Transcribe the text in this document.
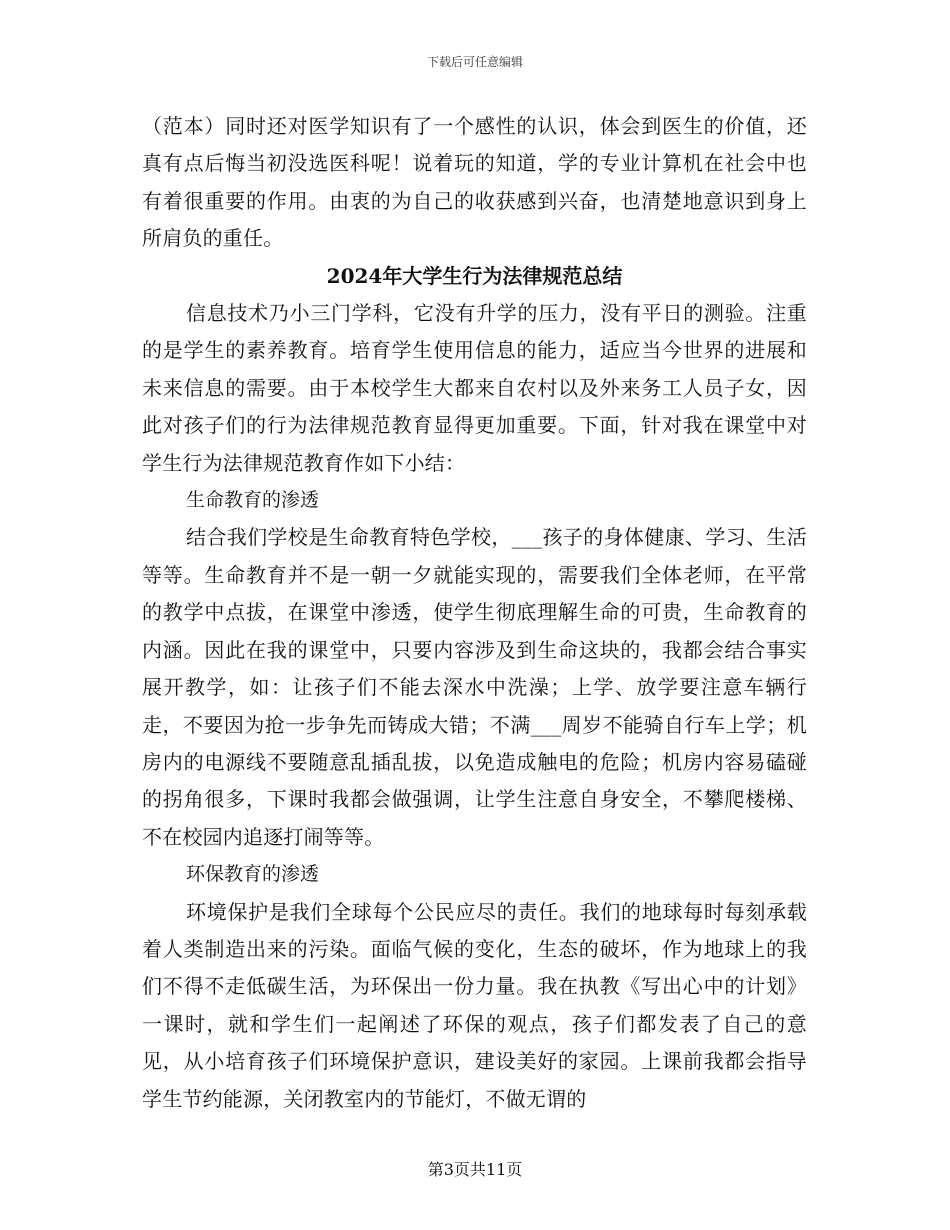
下载后可任意编辑

（范本）同时还对医学知识有了一个感性的认识，体会到医生的价值，还真有点后悔当初没选医科呢！说着玩的知道，学的专业计算机在社会中也有着很重要的作用。由衷的为自己的收获感到兴奋，也清楚地意识到身上所肩负的重任。

2024年大学生行为法律规范总结

信息技术乃小三门学科，它没有升学的压力，没有平日的测验。注重的是学生的素养教育。培育学生使用信息的能力，适应当今世界的进展和未来信息的需要。由于本校学生大都来自农村以及外来务工人员子女，因此对孩子们的行为法律规范教育显得更加重要。下面，针对我在课堂中对学生行为法律规范教育作如下小结：

生命教育的渗透

结合我们学校是生命教育特色学校，___孩子的身体健康、学习、生活等等。生命教育并不是一朝一夕就能实现的，需要我们全体老师，在平常的教学中点拔，在课堂中渗透，使学生彻底理解生命的可贵，生命教育的内涵。因此在我的课堂中，只要内容涉及到生命这块的，我都会结合事实展开教学，如：让孩子们不能去深水中洗澡；上学、放学要注意车辆行走，不要因为抢一步争先而铸成大错；不满___周岁不能骑自行车上学；机房内的电源线不要随意乱插乱拔，以免造成触电的危险；机房内容易磕碰的拐角很多，下课时我都会做强调，让学生注意自身安全，不攀爬楼梯、不在校园内追逐打闹等等。

环保教育的渗透

环境保护是我们全球每个公民应尽的责任。我们的地球每时每刻承载着人类制造出来的污染。面临气候的变化，生态的破坏，作为地球上的我们不得不走低碳生活，为环保出一份力量。我在执教《写出心中的计划》一课时，就和学生们一起阐述了环保的观点，孩子们都发表了自己的意见，从小培育孩子们环境保护意识，建设美好的家园。上课前我都会指导学生节约能源，关闭教室内的节能灯，不做无谓的

第3页共11页
